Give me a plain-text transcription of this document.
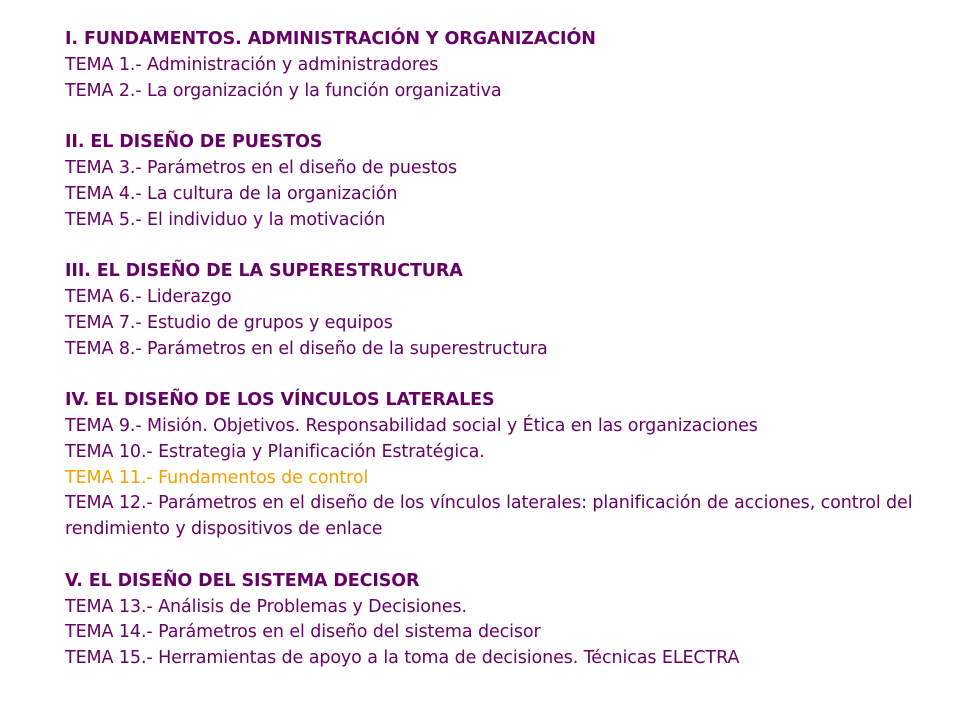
I. FUNDAMENTOS. ADMINISTRACIÓN Y ORGANIZACIÓN
TEMA 1.- Administración y administradores
TEMA 2.- La organización y la función organizativa
II. EL DISEÑO DE PUESTOS
TEMA 3.- Parámetros en el diseño de puestos
TEMA 4.- La cultura de la organización
TEMA 5.- El individuo y la motivación
III. EL DISEÑO DE LA SUPERESTRUCTURA
TEMA 6.- Liderazgo
TEMA 7.- Estudio de grupos y equipos
TEMA 8.- Parámetros en el diseño de la superestructura
IV. EL DISEÑO DE LOS VÍNCULOS LATERALES
TEMA 9.- Misión. Objetivos. Responsabilidad social y Ética en las organizaciones
TEMA 10.- Estrategia y Planificación Estratégica.
TEMA 11.- Fundamentos de control
TEMA 12.- Parámetros en el diseño de los vínculos laterales: planificación de acciones, control del rendimiento y dispositivos de enlace
V. EL DISEÑO DEL SISTEMA DECISOR
TEMA 13.- Análisis de Problemas y Decisiones.
TEMA 14.- Parámetros en el diseño del sistema decisor
TEMA 15.- Herramientas de apoyo a la toma de decisiones. Técnicas ELECTRA
